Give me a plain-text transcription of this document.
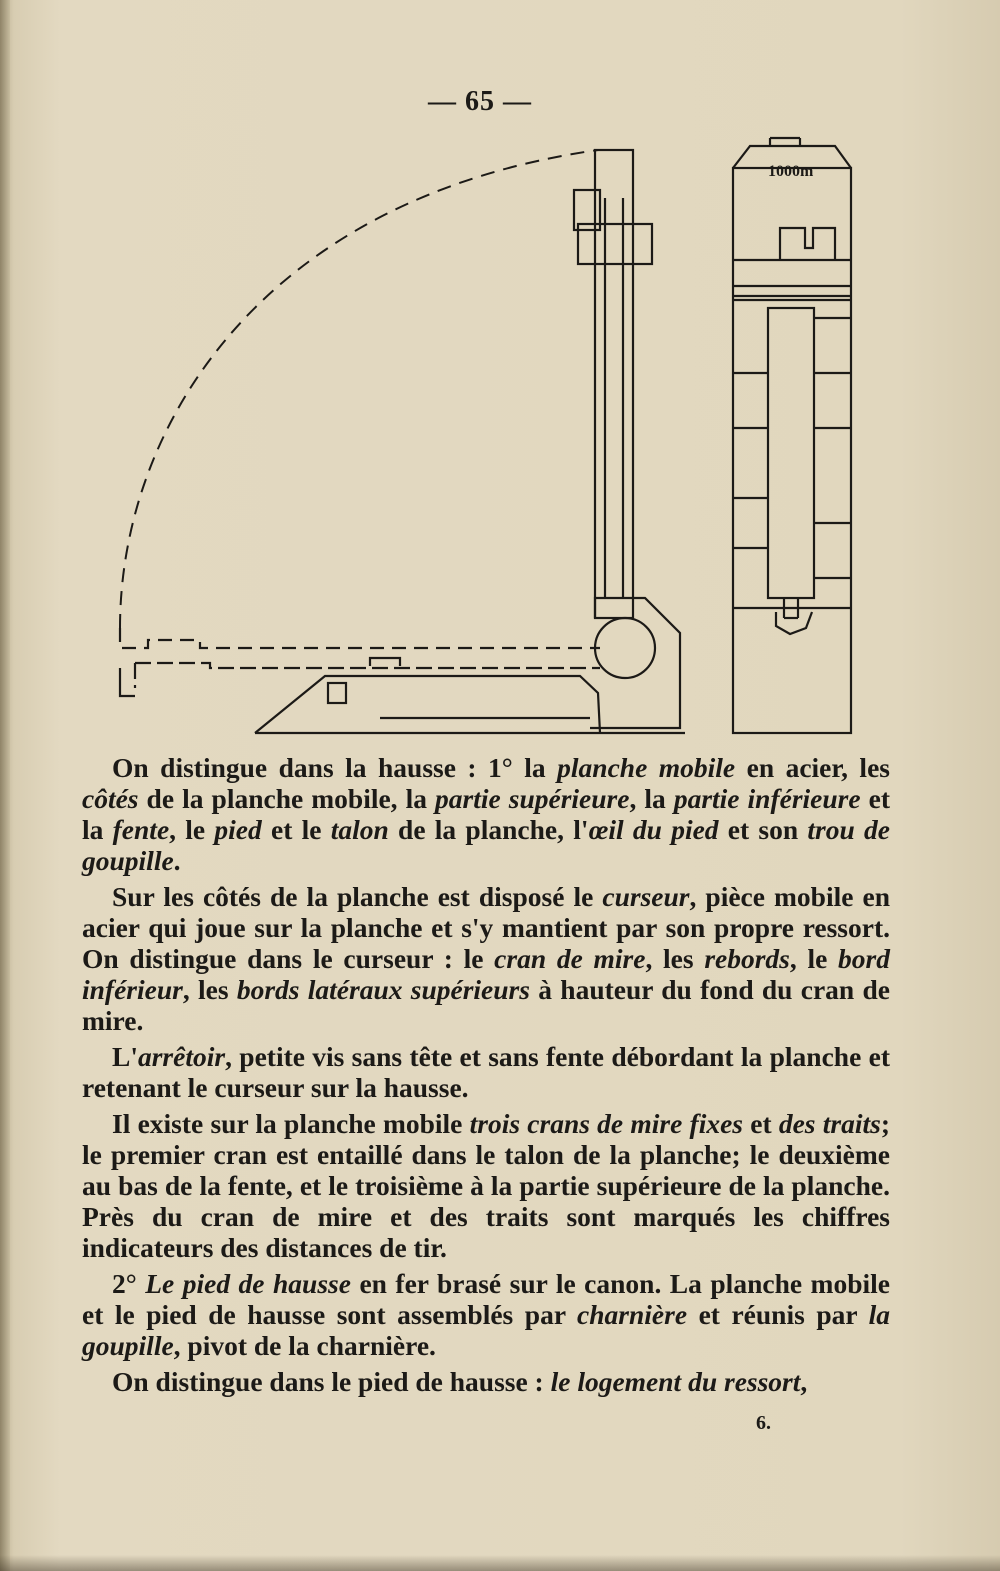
— 65 —
1000m

On distingue dans la hausse : 1° la planche mobile en acier, les côtés de la planche mobile, la partie supérieure, la partie inférieure et la fente, le pied et le talon de la planche, l'œil du pied et son trou de goupille.

Sur les côtés de la planche est disposé le curseur, pièce mobile en acier qui joue sur la planche et s'y mantient par son propre ressort. On distingue dans le curseur : le cran de mire, les rebords, le bord inférieur, les bords latéraux supérieurs à hauteur du fond du cran de mire.

L'arrêtoir, petite vis sans tête et sans fente débordant la planche et retenant le curseur sur la hausse.

Il existe sur la planche mobile trois crans de mire fixes et des traits; le premier cran est entaillé dans le talon de la planche; le deuxième au bas de la fente, et le troisième à la partie supérieure de la planche. Près du cran de mire et des traits sont marqués les chiffres indicateurs des distances de tir.

2° Le pied de hausse en fer brasé sur le canon. La planche mobile et le pied de hausse sont assemblés par charnière et réunis par la goupille, pivot de la charnière.

On distingue dans le pied de hausse : le logement du ressort,

6.
